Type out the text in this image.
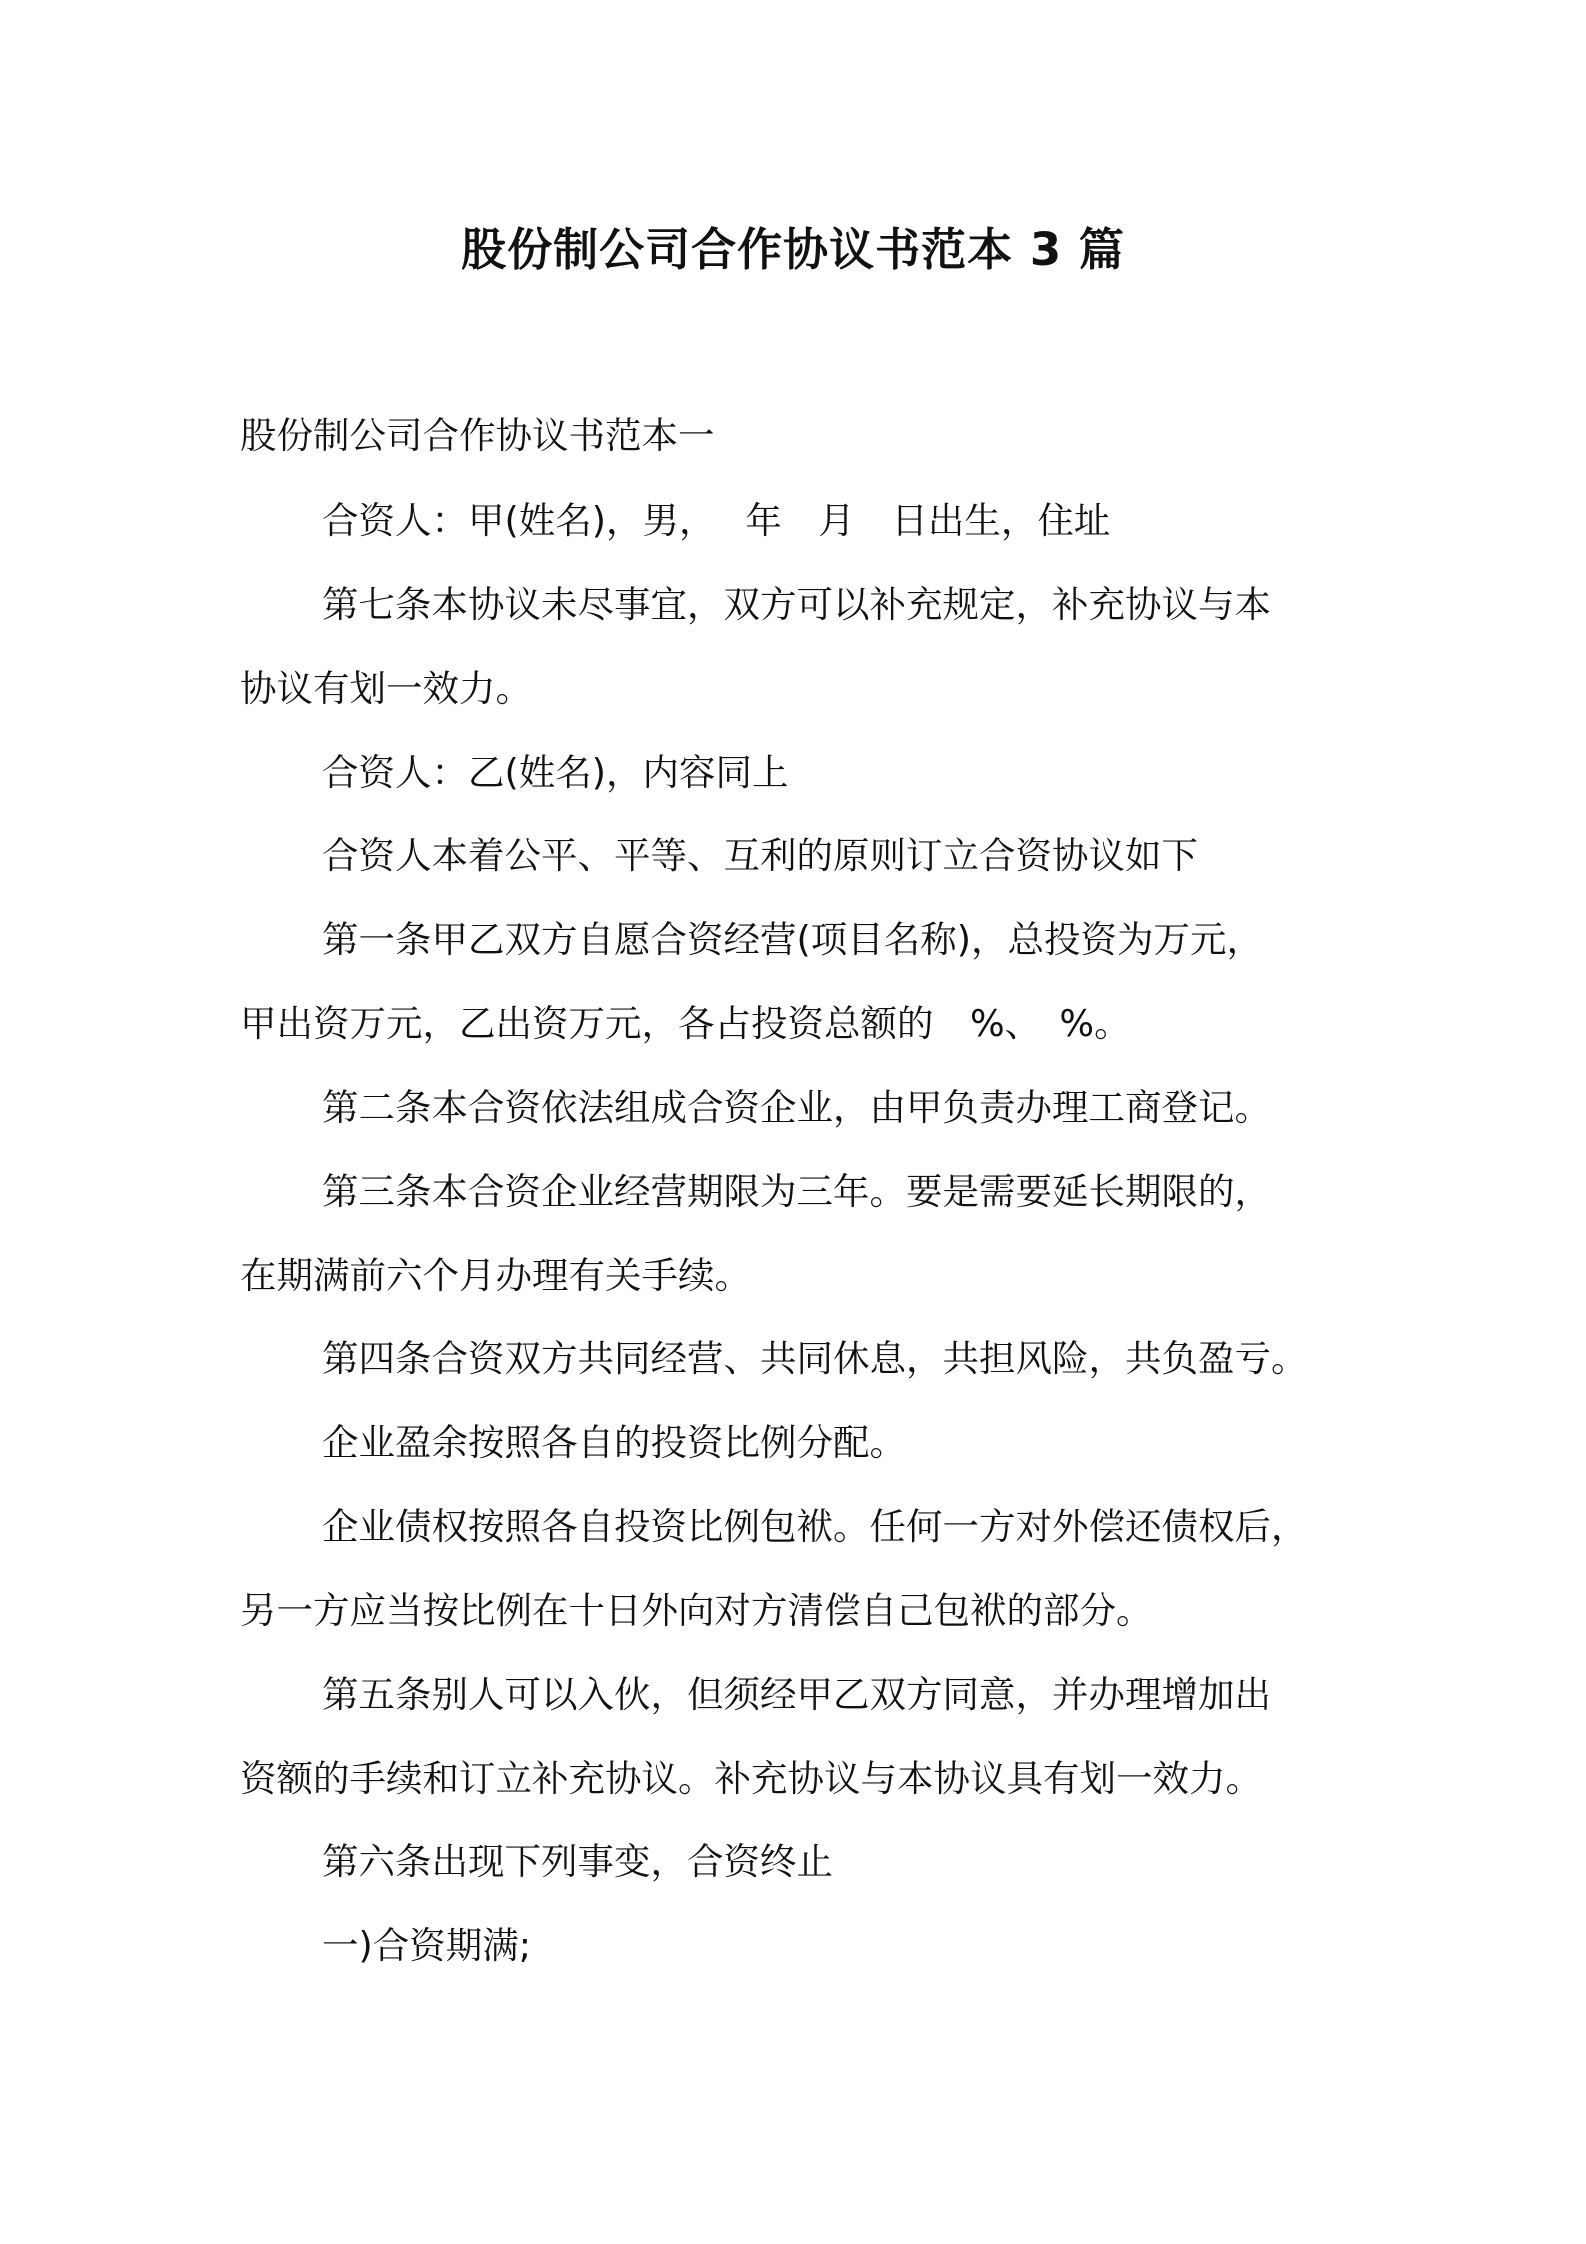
股份制公司合作协议书范本 3 篇
股份制公司合作协议书范本一
合资人：甲(姓名)，男，　 年　月　日出生，住址
第七条本协议未尽事宜，双方可以补充规定，补充协议与本
协议有划一效力。
合资人：乙(姓名)，内容同上
合资人本着公平、平等、互利的原则订立合资协议如下
第一条甲乙双方自愿合资经营(项目名称)，总投资为万元，
甲出资万元，乙出资万元，各占投资总额的　%、　%。
第二条本合资依法组成合资企业，由甲负责办理工商登记。
第三条本合资企业经营期限为三年。要是需要延长期限的，
在期满前六个月办理有关手续。
第四条合资双方共同经营、共同休息，共担风险，共负盈亏。
企业盈余按照各自的投资比例分配。
企业债权按照各自投资比例包袱。任何一方对外偿还债权后，
另一方应当按比例在十日外向对方清偿自己包袱的部分。
第五条别人可以入伙，但须经甲乙双方同意，并办理增加出
资额的手续和订立补充协议。补充协议与本协议具有划一效力。
第六条出现下列事变，合资终止
一)合资期满;
